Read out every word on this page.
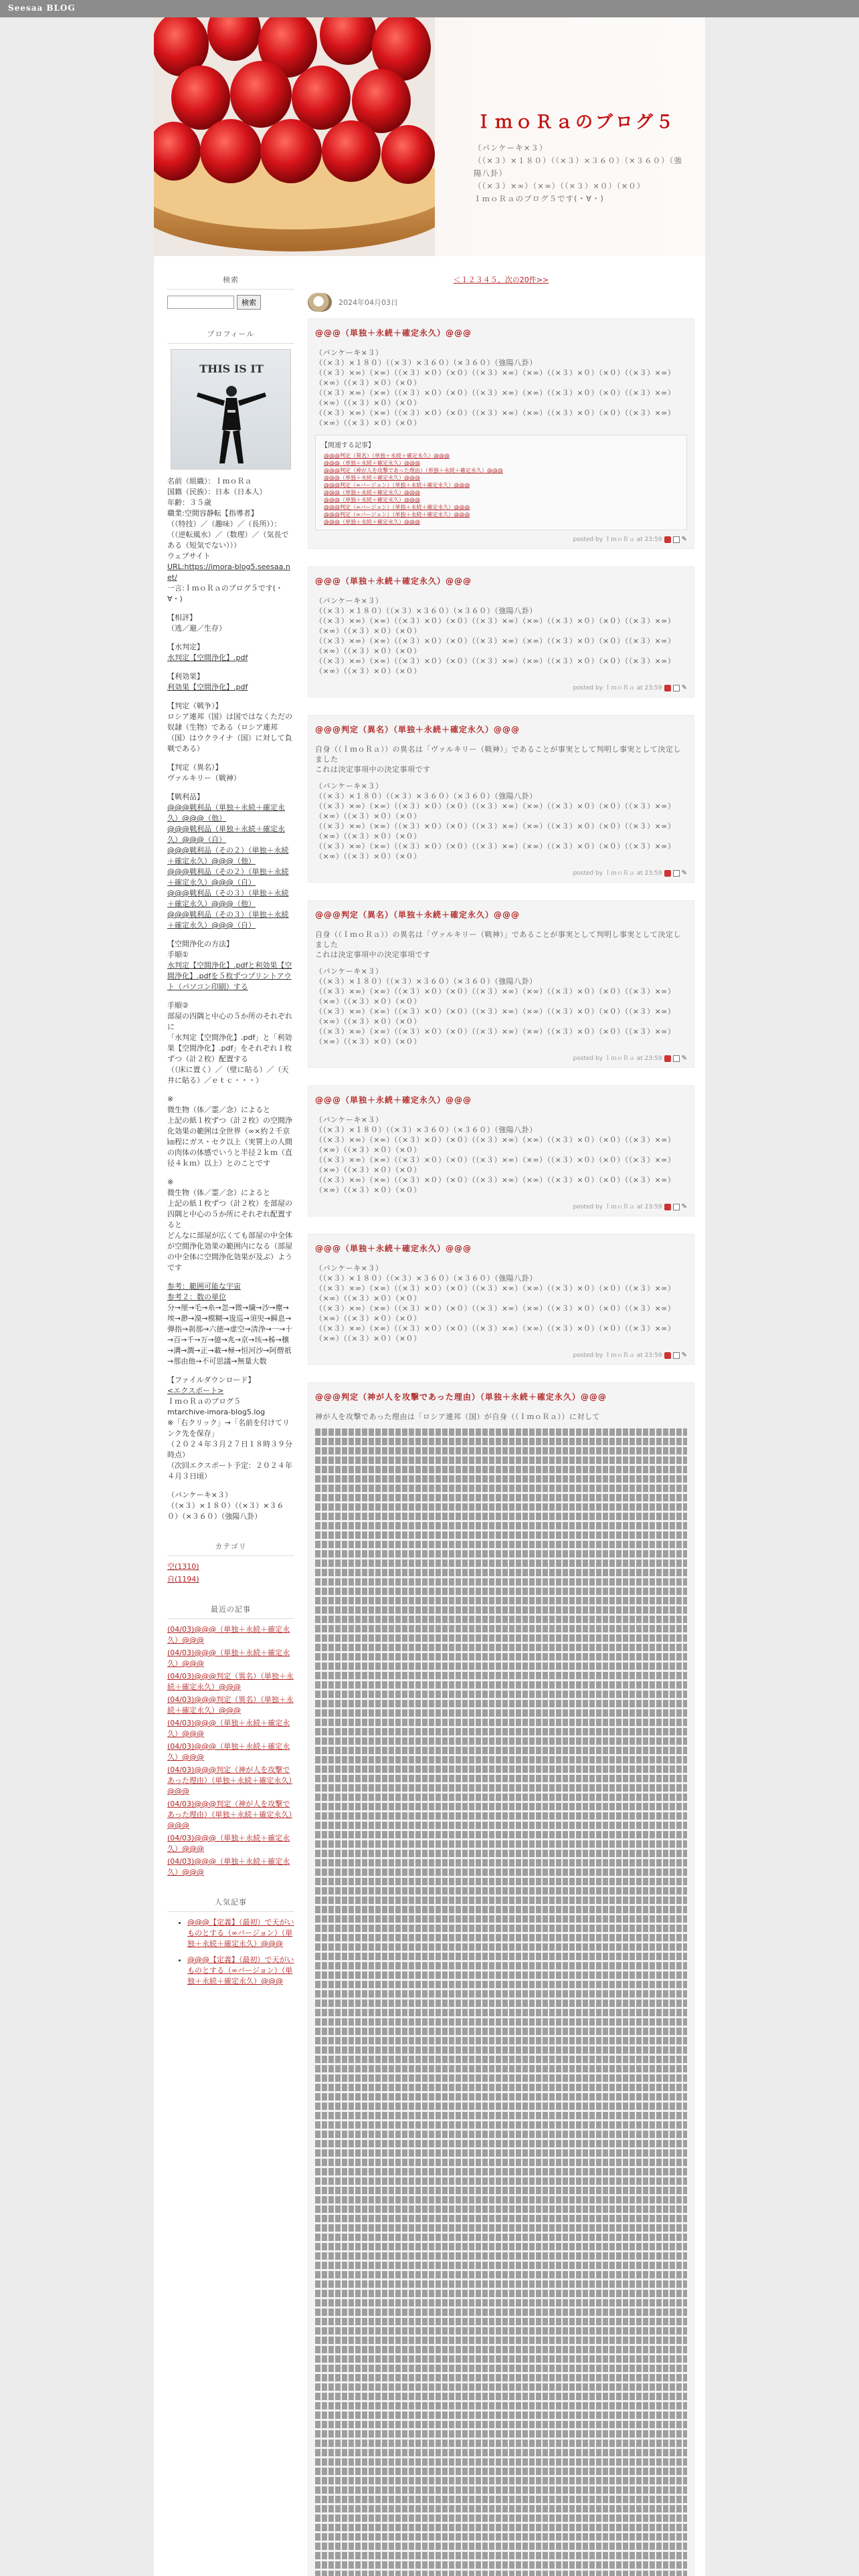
Seesaa BLOG
ＩｍｏＲａのブログ５
（パンケーキ×３）
（（×３）×１８０）（（×３）×３６０）（×３６０）（強陽八卦）
（（×３）×∞）（×∞）（（×３）×０）（×０）
ＩｍｏＲａのブログ５です(・∀・)
検索
検索
プロフィール
THIS IS IT
名前（組織）：ＩｍｏＲａ
国籍（民族）：日本（日本人）
年齢：３５歳
職業:空間容静転【指導者】
（（特技）／（趣味）／（長所））：（（逆転風水）／（数理）／（気長である（短気でない）））
ウェブサイト
URL:https://imora-blog5.seesaa.net/
一言:ＩｍｏＲａのブログ５です(・∀・)
【相評】
（逃／避／生存）
【水判定】
水判定【空間浄化】.pdf
【利効果】
利効果【空間浄化】.pdf
【判定（戦争）】
ロシア連邦（国）は国ではなくただの奴隷（生物）である（ロシア連邦（国）はウクライナ（国）に対して負戦である）
【判定（異名）】
ヴァルキリー（戦神）
【戦利品】
@@@戦利品（単独＋永続＋確定永久）@@@（他）
@@@戦利品（単独＋永続＋確定永久）@@@（自）
@@@戦利品（その２）（単独＋永続＋確定永久）@@@（他）
@@@戦利品（その２）（単独＋永続＋確定永久）@@@（自）
@@@戦利品（その３）（単独＋永続＋確定永久）@@@（他）
@@@戦利品（その３）（単独＋永続＋確定永久）@@@（自）
【空間浄化の方法】
手順①
水判定【空間浄化】.pdfと利効果【空間浄化】.pdfを５枚ずつプリントアウト（パソコン印刷）する
手順②
部屋の四隅と中心の５か所のそれぞれに
「水判定【空間浄化】.pdf」と「利効果【空間浄化】.pdf」をそれぞれ１枚ずつ（計２枚）配置する
（（床に置く）／（壁に貼る）／（天井に貼る）／ｅｔｃ・・・）
※
微生物（体／霊／念）によると
上記の紙１枚ずつ（計２枚）の空間浄化効果の範囲は全世界（∞×約２千京㎞程にガス・セク以上（実質上の人間の肉体の体感でいうと半径２ｋｍ（直径４ｋｍ）以上）とのことです
※
微生物（体／霊／念）によると
上記の紙１枚ずつ（計２枚）を部屋の四隅と中心の５か所にそれぞれ配置すると
どんなに部屋が広くても部屋の中全体が空間浄化効果の範囲内になる（部屋の中全体に空間浄化効果が及ぶ）ようです
参考：範囲可能な宇宙
参考２：数の単位
分→厘→毛→糸→忽→微→繊→沙→塵→埃→渺→漠→模糊→逡巡→須臾→瞬息→弾指→刹那→六徳→虚空→清浄→一→十→百→千→万→億→兆→京→垓→秭→穣→溝→澗→正→載→極→恒河沙→阿僧祇→那由他→不可思議→無量大数
【ファイルダウンロード】
<エクスポート>
ＩｍｏＲａのブログ５
mtarchive-imora-blog5.log
※「右クリック」→「名前を付けてリンク先を保存」
（２０２４年３月２７日１８時３９分時点）
（次回エクスポート予定：２０２４年４月３日頃）
（パンケーキ×３）
（（×３）×１８０）（（×３）×３６０）（×３６０）（強陽八卦）
カテゴリ
空(1310)
自(1194)
最近の記事
(04/03)@@@（単独＋永続＋確定永久）@@@
(04/03)@@@（単独＋永続＋確定永久）@@@
(04/03)@@@判定（異名）（単独＋永続＋確定永久）@@@
(04/03)@@@判定（異名）（単独＋永続＋確定永久）@@@
(04/03)@@@（単独＋永続＋確定永久）@@@
(04/03)@@@（単独＋永続＋確定永久）@@@
(04/03)@@@判定（神が人を攻撃であった理由）（単独＋永続＋確定永久）@@@
(04/03)@@@判定（神が人を攻撃であった理由）（単独＋永続＋確定永久）@@@
(04/03)@@@（単独＋永続＋確定永久）@@@
(04/03)@@@（単独＋永続＋確定永久）@@@
人気記事
• @@@【定義】（最初）で天がいものとする（∞バージョン）（単独＋永続＋確定永久）@@@
• @@@【定義】（最初）で天がいものとする（∞バージョン）（単独＋永続＋確定永久）@@@
＜１２３４５、次の20件>>
2024年04月03日
@@@（単独＋永続＋確定永久）@@@

（パンケーキ×３）
（（×３）×１８０）（（×３）×３６０）（×３６０）（強陽八卦）
（（×３）×∞）（×∞）（（×３）×０）（×０）（（×３）×∞）（×∞）（（×３）×０）（×０）（（×３）×∞）（×∞）（（×３）×０）（×０）
（（×３）×∞）（×∞）（（×３）×０）（×０）（（×３）×∞）（×∞）（（×３）×０）（×０）（（×３）×∞）（×∞）（（×３）×０）（×０）
（（×３）×∞）（×∞）（（×３）×０）（×０）（（×３）×∞）（×∞）（（×３）×０）（×０）（（×３）×∞）（×∞）（（×３）×０）（×０）

【関連する記事】
@@@判定（異名）（単独＋永続＋確定永久）@@@
@@@（単独＋永続＋確定永久）@@@
@@@判定（神が人を攻撃であった理由）（単独＋永続＋確定永久）@@@
@@@（単独＋永続＋確定永久）@@@
@@@判定（∞バージョン）（単独＋永続＋確定永久）@@@
@@@（単独＋永続＋確定永久）@@@
@@@（単独＋永続＋確定永久）@@@
@@@判定（∞バージョン）（単独＋永続＋確定永久）@@@
@@@判定（∞バージョン）（単独＋永続＋確定永久）@@@
@@@（単独＋永続＋確定永久）@@@
posted by ＩｍｏＲａ at 23:59	✎
@@@（単独＋永続＋確定永久）@@@

（パンケーキ×３）
（（×３）×１８０）（（×３）×３６０）（×３６０）（強陽八卦）
（（×３）×∞）（×∞）（（×３）×０）（×０）（（×３）×∞）（×∞）（（×３）×０）（×０）（（×３）×∞）（×∞）（（×３）×０）（×０）
（（×３）×∞）（×∞）（（×３）×０）（×０）（（×３）×∞）（×∞）（（×３）×０）（×０）（（×３）×∞）（×∞）（（×３）×０）（×０）
（（×３）×∞）（×∞）（（×３）×０）（×０）（（×３）×∞）（×∞）（（×３）×０）（×０）（（×３）×∞）（×∞）（（×３）×０）（×０）

posted by ＩｍｏＲａ at 23:59	✎
@@@判定（異名）（単独＋永続＋確定永久）@@@

自身（（ＩｍｏＲａ））の異名は「ヴァルキリー（戦神）」であることが事実として判明し事実として決定しました
これは決定事項中の決定事項です

（パンケーキ×３）
（（×３）×１８０）（（×３）×３６０）（×３６０）（強陽八卦）
（（×３）×∞）（×∞）（（×３）×０）（×０）（（×３）×∞）（×∞）（（×３）×０）（×０）（（×３）×∞）（×∞）（（×３）×０）（×０）
（（×３）×∞）（×∞）（（×３）×０）（×０）（（×３）×∞）（×∞）（（×３）×０）（×０）（（×３）×∞）（×∞）（（×３）×０）（×０）
（（×３）×∞）（×∞）（（×３）×０）（×０）（（×３）×∞）（×∞）（（×３）×０）（×０）（（×３）×∞）（×∞）（（×３）×０）（×０）

posted by ＩｍｏＲａ at 23:59	✎
@@@判定（異名）（単独＋永続＋確定永久）@@@

自身（（ＩｍｏＲａ））の異名は「ヴァルキリー（戦神）」であることが事実として判明し事実として決定しました
これは決定事項中の決定事項です

（パンケーキ×３）
（（×３）×１８０）（（×３）×３６０）（×３６０）（強陽八卦）
（（×３）×∞）（×∞）（（×３）×０）（×０）（（×３）×∞）（×∞）（（×３）×０）（×０）（（×３）×∞）（×∞）（（×３）×０）（×０）
（（×３）×∞）（×∞）（（×３）×０）（×０）（（×３）×∞）（×∞）（（×３）×０）（×０）（（×３）×∞）（×∞）（（×３）×０）（×０）
（（×３）×∞）（×∞）（（×３）×０）（×０）（（×３）×∞）（×∞）（（×３）×０）（×０）（（×３）×∞）（×∞）（（×３）×０）（×０）

posted by ＩｍｏＲａ at 23:59	✎
@@@（単独＋永続＋確定永久）@@@

（パンケーキ×３）
（（×３）×１８０）（（×３）×３６０）（×３６０）（強陽八卦）
（（×３）×∞）（×∞）（（×３）×０）（×０）（（×３）×∞）（×∞）（（×３）×０）（×０）（（×３）×∞）（×∞）（（×３）×０）（×０）
（（×３）×∞）（×∞）（（×３）×０）（×０）（（×３）×∞）（×∞）（（×３）×０）（×０）（（×３）×∞）（×∞）（（×３）×０）（×０）
（（×３）×∞）（×∞）（（×３）×０）（×０）（（×３）×∞）（×∞）（（×３）×０）（×０）（（×３）×∞）（×∞）（（×３）×０）（×０）

posted by ＩｍｏＲａ at 23:59	✎
@@@（単独＋永続＋確定永久）@@@

（パンケーキ×３）
（（×３）×１８０）（（×３）×３６０）（×３６０）（強陽八卦）
（（×３）×∞）（×∞）（（×３）×０）（×０）（（×３）×∞）（×∞）（（×３）×０）（×０）（（×３）×∞）（×∞）（（×３）×０）（×０）
（（×３）×∞）（×∞）（（×３）×０）（×０）（（×３）×∞）（×∞）（（×３）×０）（×０）（（×３）×∞）（×∞）（（×３）×０）（×０）
（（×３）×∞）（×∞）（（×３）×０）（×０）（（×３）×∞）（×∞）（（×３）×０）（×０）（（×３）×∞）（×∞）（（×３）×０）（×０）

posted by ＩｍｏＲａ at 23:59	✎
@@@判定（神が人を攻撃であった理由）（単独＋永続＋確定永久）@@@

神が人を攻撃であった理由は「ロシア連邦（国）が自身（（ＩｍｏＲａ））に対して
